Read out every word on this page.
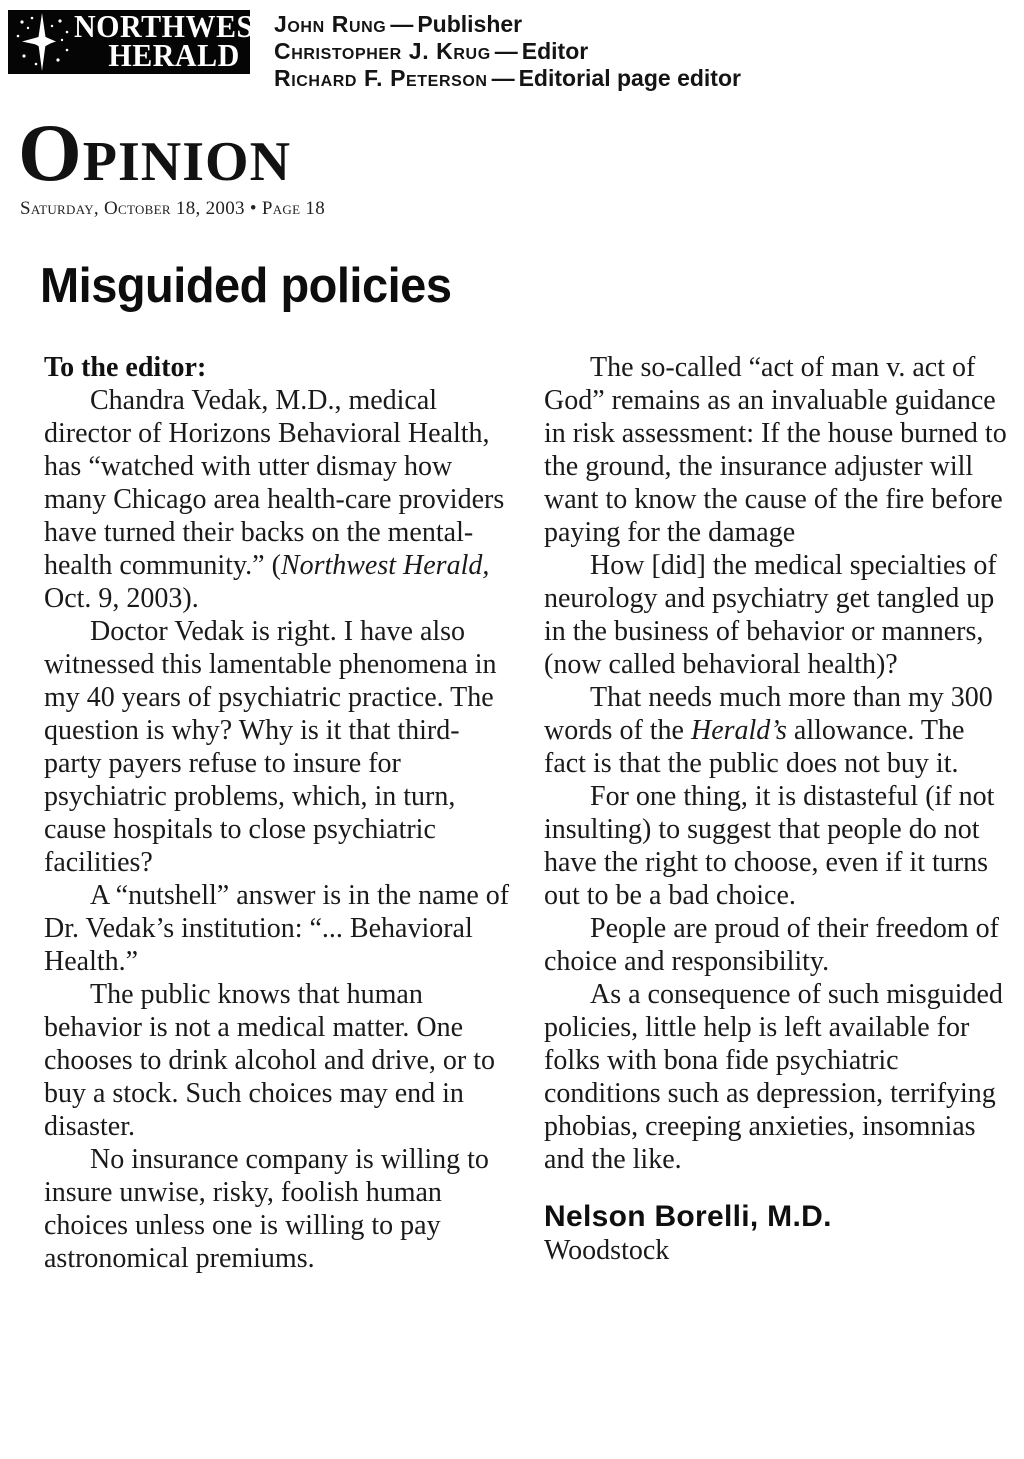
NORTHWEST
HERALD
John Rung — Publisher
Christopher J. Krug — Editor
Richard F. Peterson — Editorial page editor
OPINION
Saturday, October 18, 2003 • Page 18
Misguided policies

To the editor:

Chandra Vedak, M.D., medical director of Horizons Behavioral Health, has “watched with utter dismay how many Chicago area health-care providers have turned their backs on the mental-health community.” (Northwest Herald, Oct. 9, 2003).

Doctor Vedak is right. I have also witnessed this lamentable phenomena in my 40 years of psychiatric practice. The question is why? Why is it that third-party payers refuse to insure for psychiatric problems, which, in turn, cause hospitals to close psychiatric facilities?

A “nutshell” answer is in the name of Dr. Vedak’s institution: “... Behavioral Health.”

The public knows that human behavior is not a medical matter. One chooses to drink alcohol and drive, or to buy a stock. Such choices may end in disaster.

No insurance company is willing to insure unwise, risky, foolish human choices unless one is willing to pay astronomical premiums.

The so-called “act of man v. act of God” remains as an invaluable guidance in risk assessment: If the house burned to the ground, the insurance adjuster will want to know the cause of the fire before paying for the damage

How [did] the medical specialties of neurology and psychiatry get tangled up in the business of behavior or manners, (now called behavioral health)?

That needs much more than my 300 words of the Herald’s allowance. The fact is that the public does not buy it.

For one thing, it is distasteful (if not insulting) to suggest that people do not have the right to choose, even if it turns out to be a bad choice.

People are proud of their freedom of choice and responsibility.

As a consequence of such misguided policies, little help is left available for folks with bona fide psychiatric conditions such as depression, terrifying phobias, creeping anxieties, insomnias and the like.

Nelson Borelli, M.D.
Woodstock
